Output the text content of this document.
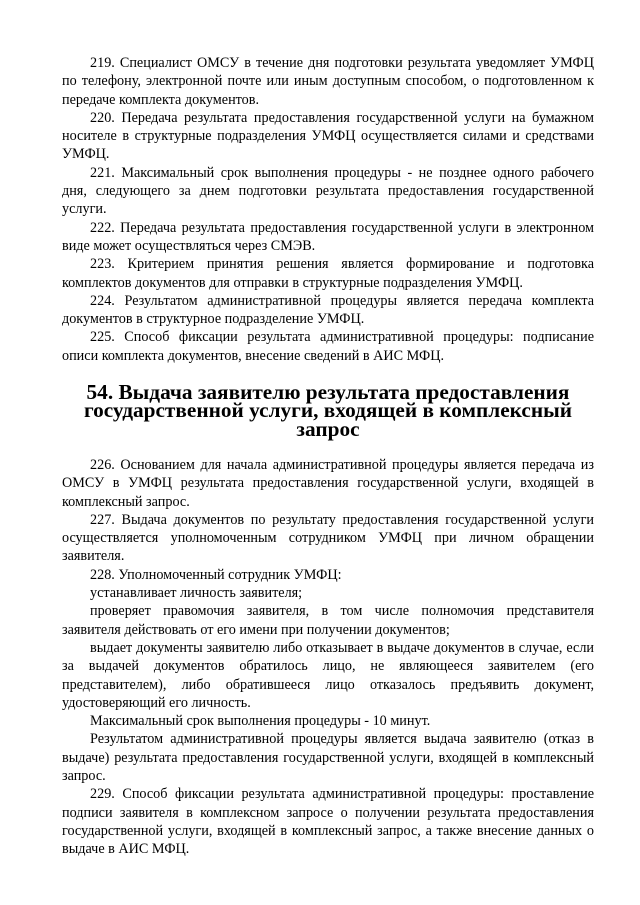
219. Специалист ОМСУ в течение дня подготовки результата уведомляет УМФЦ по телефону, электронной почте или иным доступным способом, о подготовленном к передаче комплекта документов.

220. Передача результата предоставления государственной услуги на бумажном носителе в структурные подразделения УМФЦ осуществляется силами и средствами УМФЦ.

221. Максимальный срок выполнения процедуры - не позднее одного рабочего дня, следующего за днем подготовки результата предоставления государственной услуги.

222. Передача результата предоставления государственной услуги в электронном виде может осуществляться через СМЭВ.

223. Критерием принятия решения является формирование и подготовка комплектов документов для отправки в структурные подразделения УМФЦ.

224. Результатом административной процедуры является передача комплекта документов в структурное подразделение УМФЦ.

225. Способ фиксации результата административной процедуры: подписание описи комплекта документов, внесение сведений в АИС МФЦ.

54. Выдача заявителю результата предоставления
государственной услуги, входящей в комплексный запрос

226. Основанием для начала административной процедуры является передача из ОМСУ в УМФЦ результата предоставления государственной услуги, входящей в комплексный запрос.

227. Выдача документов по результату предоставления государственной услуги осуществляется уполномоченным сотрудником УМФЦ при личном обращении заявителя.

228. Уполномоченный сотрудник УМФЦ:

устанавливает личность заявителя;

проверяет правомочия заявителя, в том числе полномочия представителя заявителя действовать от его имени при получении документов;

выдает документы заявителю либо отказывает в выдаче документов в случае, если за выдачей документов обратилось лицо, не являющееся заявителем (его представителем), либо обратившееся лицо отказалось предъявить документ, удостоверяющий его личность.

Максимальный срок выполнения процедуры - 10 минут.

Результатом административной процедуры является выдача заявителю (отказ в выдаче) результата предоставления государственной услуги, входящей в комплексный запрос.

229. Способ фиксации результата административной процедуры: проставление подписи заявителя в комплексном запросе о получении результата предоставления государственной услуги, входящей в комплексный запрос, а также внесение данных о выдаче в АИС МФЦ.
